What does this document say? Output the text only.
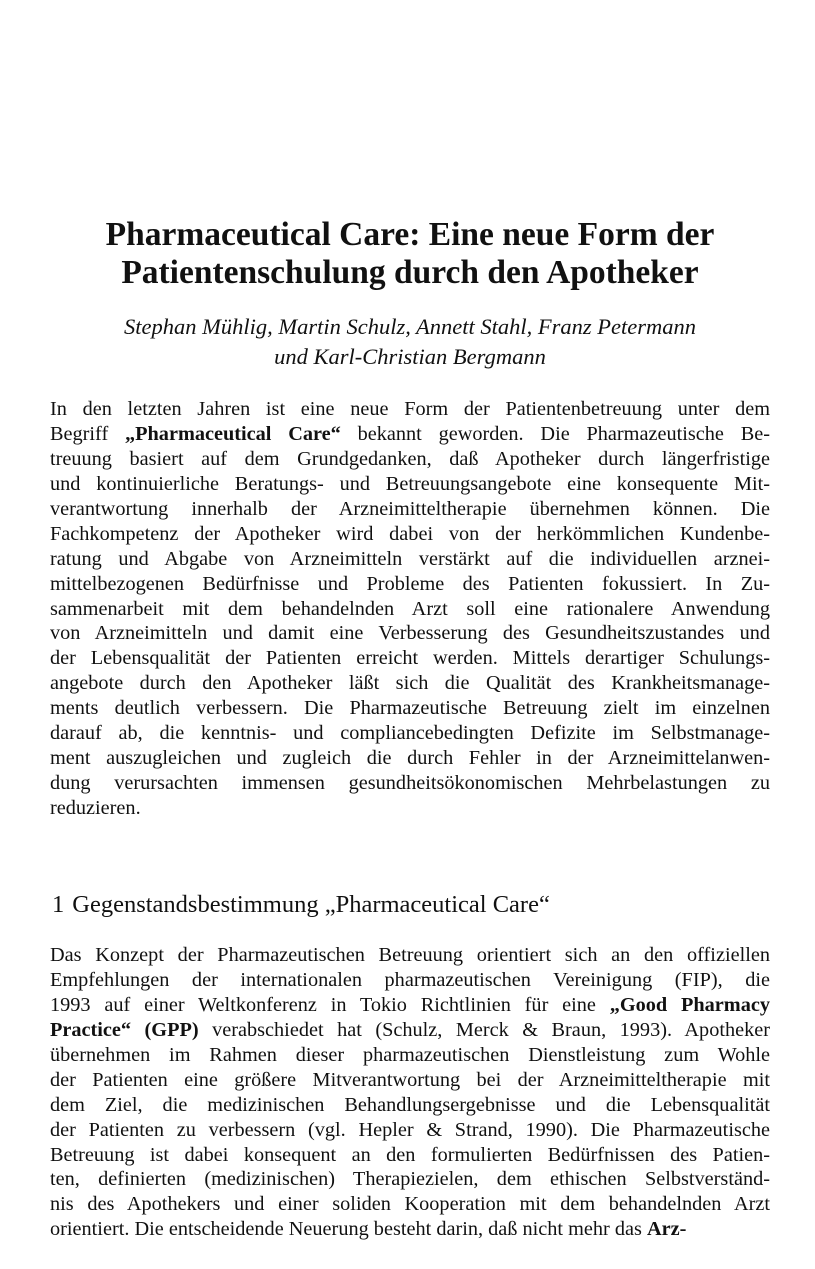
Pharmaceutical Care: Eine neue Form der
Patientenschulung durch den Apotheker
Stephan Mühlig, Martin Schulz, Annett Stahl, Franz Petermann
und Karl-Christian Bergmann
In den letzten Jahren ist eine neue Form der Patientenbetreuung unter dem
Begriff „Pharmaceutical Care“ bekannt geworden. Die Pharmazeutische Be-
treuung basiert auf dem Grundgedanken, daß Apotheker durch längerfristige
und kontinuierliche Beratungs- und Betreuungsangebote eine konsequente Mit-
verantwortung innerhalb der Arzneimitteltherapie übernehmen können. Die
Fachkompetenz der Apotheker wird dabei von der herkömmlichen Kundenbe-
ratung und Abgabe von Arzneimitteln verstärkt auf die individuellen arznei-
mittelbezogenen Bedürfnisse und Probleme des Patienten fokussiert. In Zu-
sammenarbeit mit dem behandelnden Arzt soll eine rationalere Anwendung
von Arzneimitteln und damit eine Verbesserung des Gesundheitszustandes und
der Lebensqualität der Patienten erreicht werden. Mittels derartiger Schulungs-
angebote durch den Apotheker läßt sich die Qualität des Krankheitsmanage-
ments deutlich verbessern. Die Pharmazeutische Betreuung zielt im einzelnen
darauf ab, die kenntnis- und compliancebedingten Defizite im Selbstmanage-
ment auszugleichen und zugleich die durch Fehler in der Arzneimittelanwen-
dung verursachten immensen gesundheitsökonomischen Mehrbelastungen zu
reduzieren.
1 Gegenstandsbestimmung „Pharmaceutical Care“
Das Konzept der Pharmazeutischen Betreuung orientiert sich an den offiziellen
Empfehlungen der internationalen pharmazeutischen Vereinigung (FIP), die
1993 auf einer Weltkonferenz in Tokio Richtlinien für eine „Good Pharmacy
Practice“ (GPP) verabschiedet hat (Schulz, Merck & Braun, 1993). Apotheker
übernehmen im Rahmen dieser pharmazeutischen Dienstleistung zum Wohle
der Patienten eine größere Mitverantwortung bei der Arzneimitteltherapie mit
dem Ziel, die medizinischen Behandlungsergebnisse und die Lebensqualität
der Patienten zu verbessern (vgl. Hepler & Strand, 1990). Die Pharmazeutische
Betreuung ist dabei konsequent an den formulierten Bedürfnissen des Patien-
ten, definierten (medizinischen) Therapiezielen, dem ethischen Selbstverständ-
nis des Apothekers und einer soliden Kooperation mit dem behandelnden Arzt
orientiert. Die entscheidende Neuerung besteht darin, daß nicht mehr das Arz-
